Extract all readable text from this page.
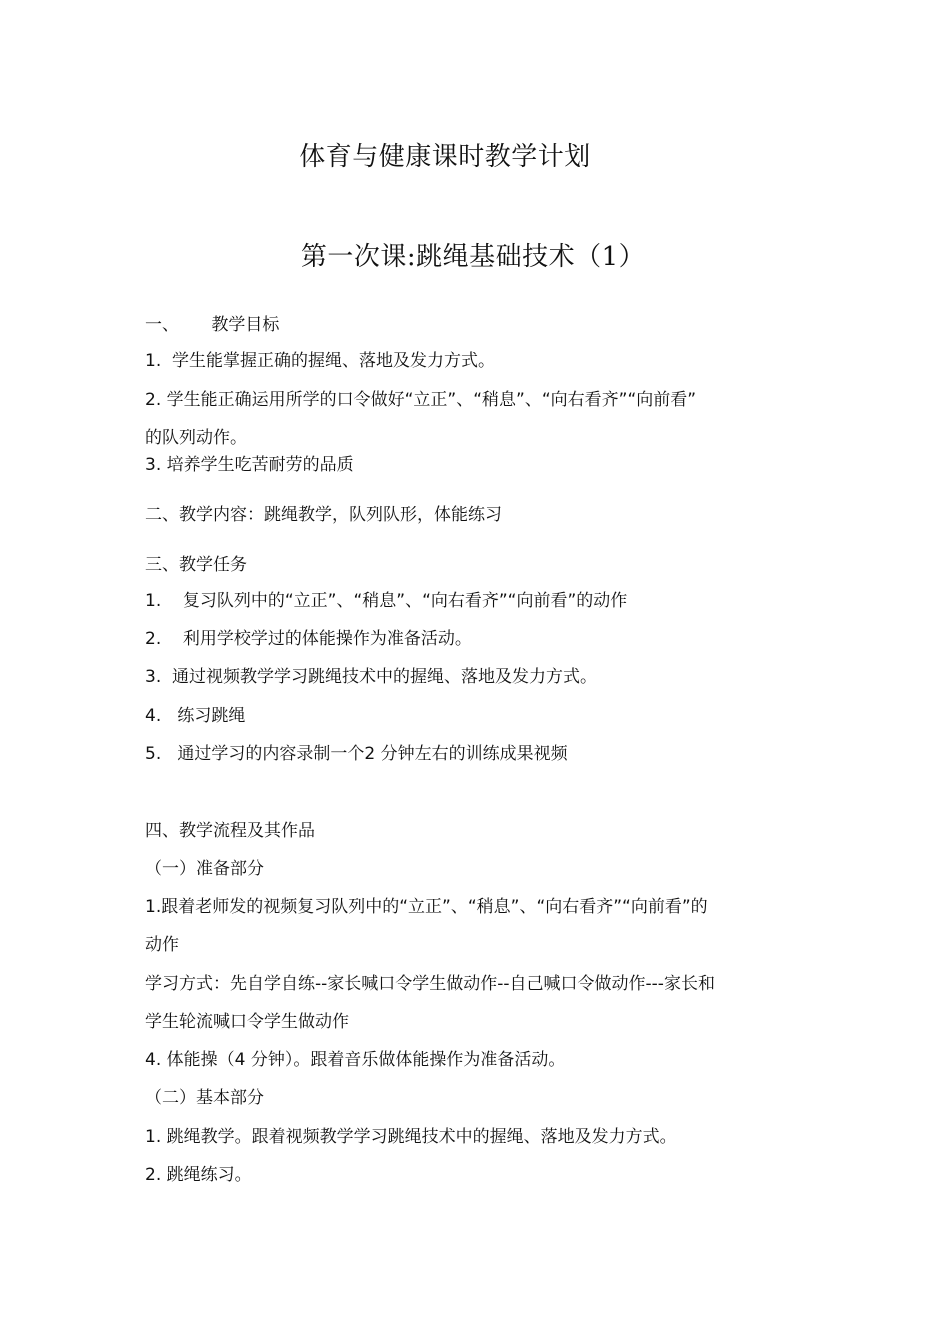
体育与健康课时教学计划
第一次课:跳绳基础技术（1）
一、      教学目标
1.  学生能掌握正确的握绳、落地及发力方式。
2. 学生能正确运用所学的口令做好“立正”、“稍息”、“向右看齐”“向前看”
的队列动作。
3. 培养学生吃苦耐劳的品质
二、教学内容：跳绳教学，队列队形，体能练习
三、教学任务
1.    复习队列中的“立正”、“稍息”、“向右看齐”“向前看”的动作
2.    利用学校学过的体能操作为准备活动。
3.  通过视频教学学习跳绳技术中的握绳、落地及发力方式。
4.   练习跳绳
5.   通过学习的内容录制一个2 分钟左右的训练成果视频
四、教学流程及其作品
（一）准备部分
1.跟着老师发的视频复习队列中的“立正”、“稍息”、“向右看齐”“向前看”的
动作
学习方式：先自学自练--家长喊口令学生做动作--自己喊口令做动作---家长和
学生轮流喊口令学生做动作
4. 体能操（4 分钟）。跟着音乐做体能操作为准备活动。
（二）基本部分
1. 跳绳教学。跟着视频教学学习跳绳技术中的握绳、落地及发力方式。
2. 跳绳练习。
